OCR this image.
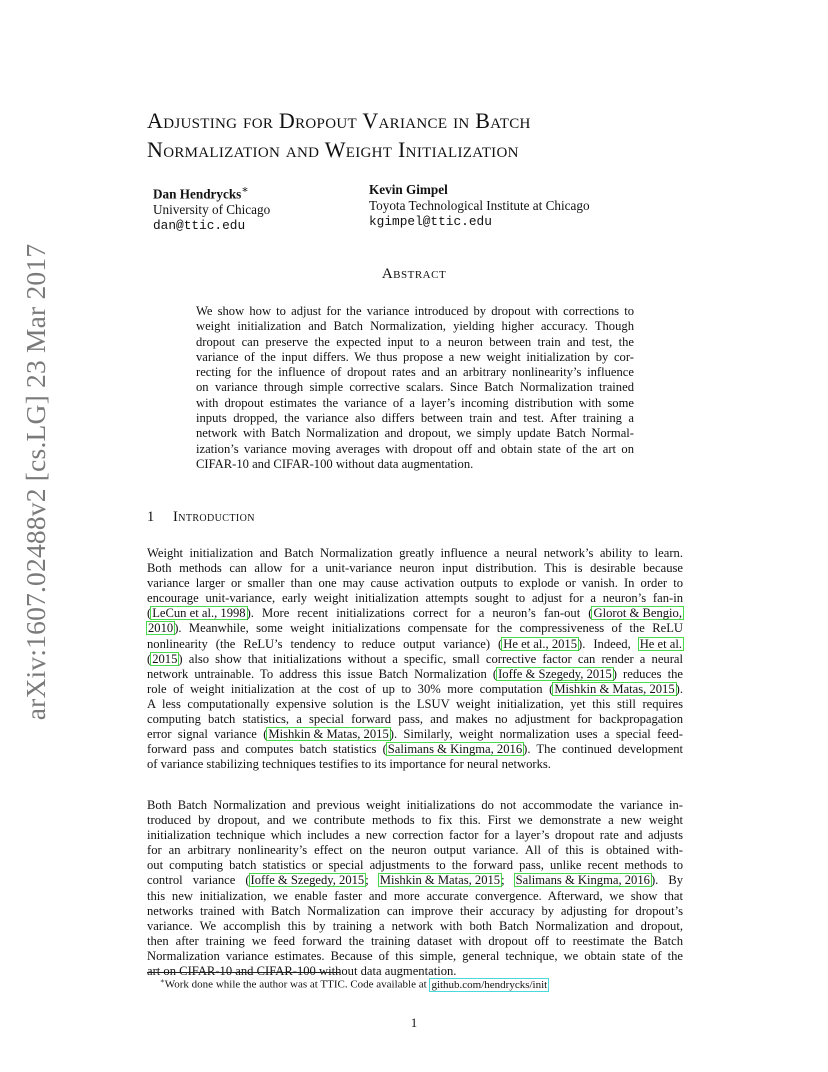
arXiv:1607.02488v2 [cs.LG] 23 Mar 2017
Adjusting for Dropout Variance in Batch
Normalization and Weight Initialization
Dan Hendrycks∗
University of Chicago
dan@ttic.edu
Kevin Gimpel
Toyota Technological Institute at Chicago
kgimpel@ttic.edu
Abstract
We show how to adjust for the variance introduced by dropout with corrections to
weight initialization and Batch Normalization, yielding higher accuracy. Though
dropout can preserve the expected input to a neuron between train and test, the
variance of the input differs. We thus propose a new weight initialization by cor-
recting for the influence of dropout rates and an arbitrary nonlinearity’s influence
on variance through simple corrective scalars. Since Batch Normalization trained
with dropout estimates the variance of a layer’s incoming distribution with some
inputs dropped, the variance also differs between train and test. After training a
network with Batch Normalization and dropout, we simply update Batch Normal-
ization’s variance moving averages with dropout off and obtain state of the art on
CIFAR-10 and CIFAR-100 without data augmentation.
1 Introduction
Weight initialization and Batch Normalization greatly influence a neural network’s ability to learn.
Both methods can allow for a unit-variance neuron input distribution. This is desirable because
variance larger or smaller than one may cause activation outputs to explode or vanish. In order to
encourage unit-variance, early weight initialization attempts sought to adjust for a neuron’s fan-in
(LeCun et al., 1998). More recent initializations correct for a neuron’s fan-out (Glorot & Bengio,
2010). Meanwhile, some weight initializations compensate for the compressiveness of the ReLU
nonlinearity (the ReLU’s tendency to reduce output variance) (He et al., 2015). Indeed, He et al.
(2015) also show that initializations without a specific, small corrective factor can render a neural
network untrainable. To address this issue Batch Normalization (Ioffe & Szegedy, 2015) reduces the
role of weight initialization at the cost of up to 30% more computation (Mishkin & Matas, 2015).
A less computationally expensive solution is the LSUV weight initialization, yet this still requires
computing batch statistics, a special forward pass, and makes no adjustment for backpropagation
error signal variance (Mishkin & Matas, 2015). Similarly, weight normalization uses a special feed-
forward pass and computes batch statistics (Salimans & Kingma, 2016). The continued development
of variance stabilizing techniques testifies to its importance for neural networks.
Both Batch Normalization and previous weight initializations do not accommodate the variance in-
troduced by dropout, and we contribute methods to fix this. First we demonstrate a new weight
initialization technique which includes a new correction factor for a layer’s dropout rate and adjusts
for an arbitrary nonlinearity’s effect on the neuron output variance. All of this is obtained with-
out computing batch statistics or special adjustments to the forward pass, unlike recent methods to
control variance (Ioffe & Szegedy, 2015; Mishkin & Matas, 2015; Salimans & Kingma, 2016). By
this new initialization, we enable faster and more accurate convergence. Afterward, we show that
networks trained with Batch Normalization can improve their accuracy by adjusting for dropout’s
variance. We accomplish this by training a network with both Batch Normalization and dropout,
then after training we feed forward the training dataset with dropout off to reestimate the Batch
Normalization variance estimates. Because of this simple, general technique, we obtain state of the
art on CIFAR-10 and CIFAR-100 without data augmentation.
∗Work done while the author was at TTIC. Code available at github.com/hendrycks/init
1
